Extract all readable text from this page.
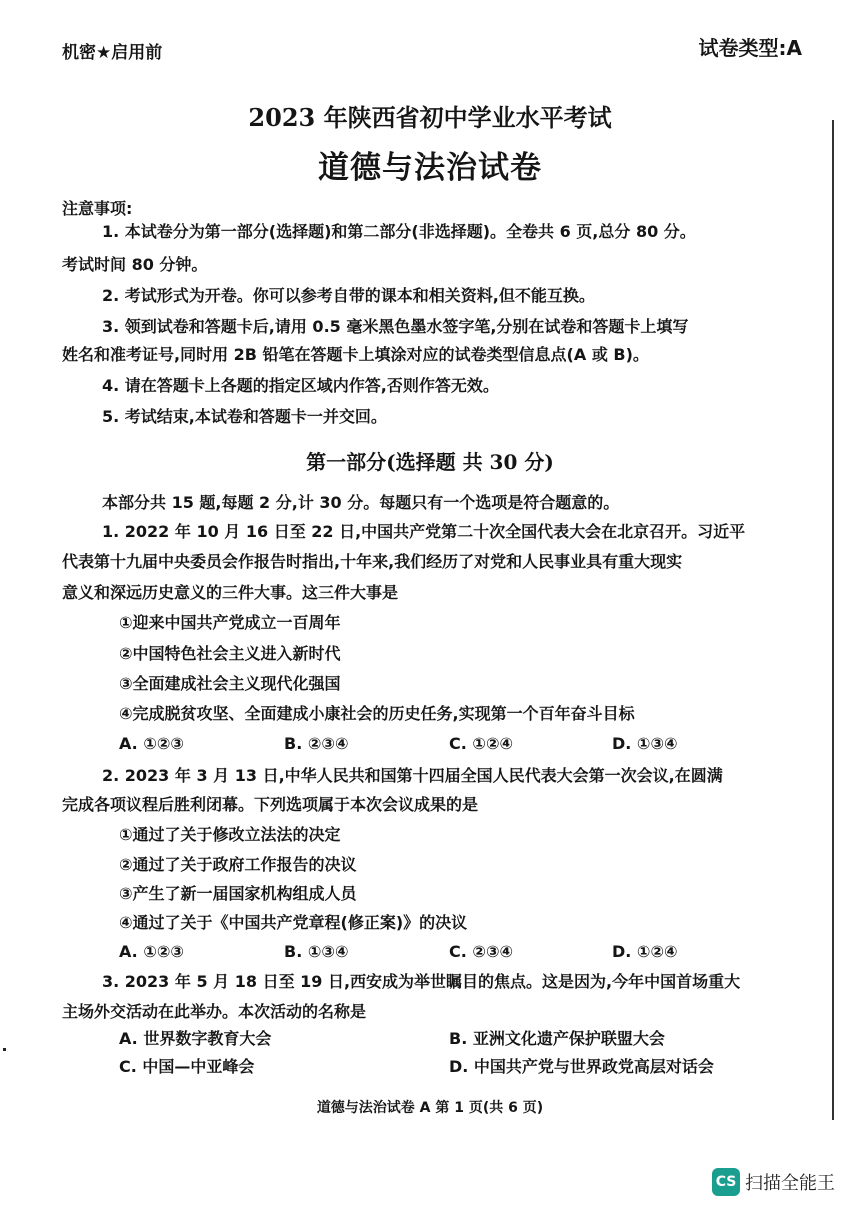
机密★启用前	试卷类型:A
2023 年陕西省初中学业水平考试
道德与法治试卷
注意事项:
1. 本试卷分为第一部分(选择题)和第二部分(非选择题)。全卷共 6 页,总分 80 分。
考试时间 80 分钟。
2. 考试形式为开卷。你可以参考自带的课本和相关资料,但不能互换。
3. 领到试卷和答题卡后,请用 0.5 毫米黑色墨水签字笔,分别在试卷和答题卡上填写
姓名和准考证号,同时用 2B 铅笔在答题卡上填涂对应的试卷类型信息点(A 或 B)。
4. 请在答题卡上各题的指定区域内作答,否则作答无效。
5. 考试结束,本试卷和答题卡一并交回。
第一部分(选择题 共 30 分)
本部分共 15 题,每题 2 分,计 30 分。每题只有一个选项是符合题意的。
1. 2022 年 10 月 16 日至 22 日,中国共产党第二十次全国代表大会在北京召开。习近平
代表第十九届中央委员会作报告时指出,十年来,我们经历了对党和人民事业具有重大现实
意义和深远历史意义的三件大事。这三件大事是
①迎来中国共产党成立一百周年
②中国特色社会主义进入新时代
③全面建成社会主义现代化强国
④完成脱贫攻坚、全面建成小康社会的历史任务,实现第一个百年奋斗目标
A. ①②③	B. ②③④	C. ①②④	D. ①③④
2. 2023 年 3 月 13 日,中华人民共和国第十四届全国人民代表大会第一次会议,在圆满
完成各项议程后胜利闭幕。下列选项属于本次会议成果的是
①通过了关于修改立法法的决定
②通过了关于政府工作报告的决议
③产生了新一届国家机构组成人员
④通过了关于《中国共产党章程(修正案)》的决议
A. ①②③	B. ①③④	C. ②③④	D. ①②④
3. 2023 年 5 月 18 日至 19 日,西安成为举世瞩目的焦点。这是因为,今年中国首场重大
主场外交活动在此举办。本次活动的名称是
A. 世界数字教育大会	B. 亚洲文化遗产保护联盟大会
C. 中国—中亚峰会	D. 中国共产党与世界政党高层对话会
道德与法治试卷 A 第 1 页(共 6 页)
CS 扫描全能王
